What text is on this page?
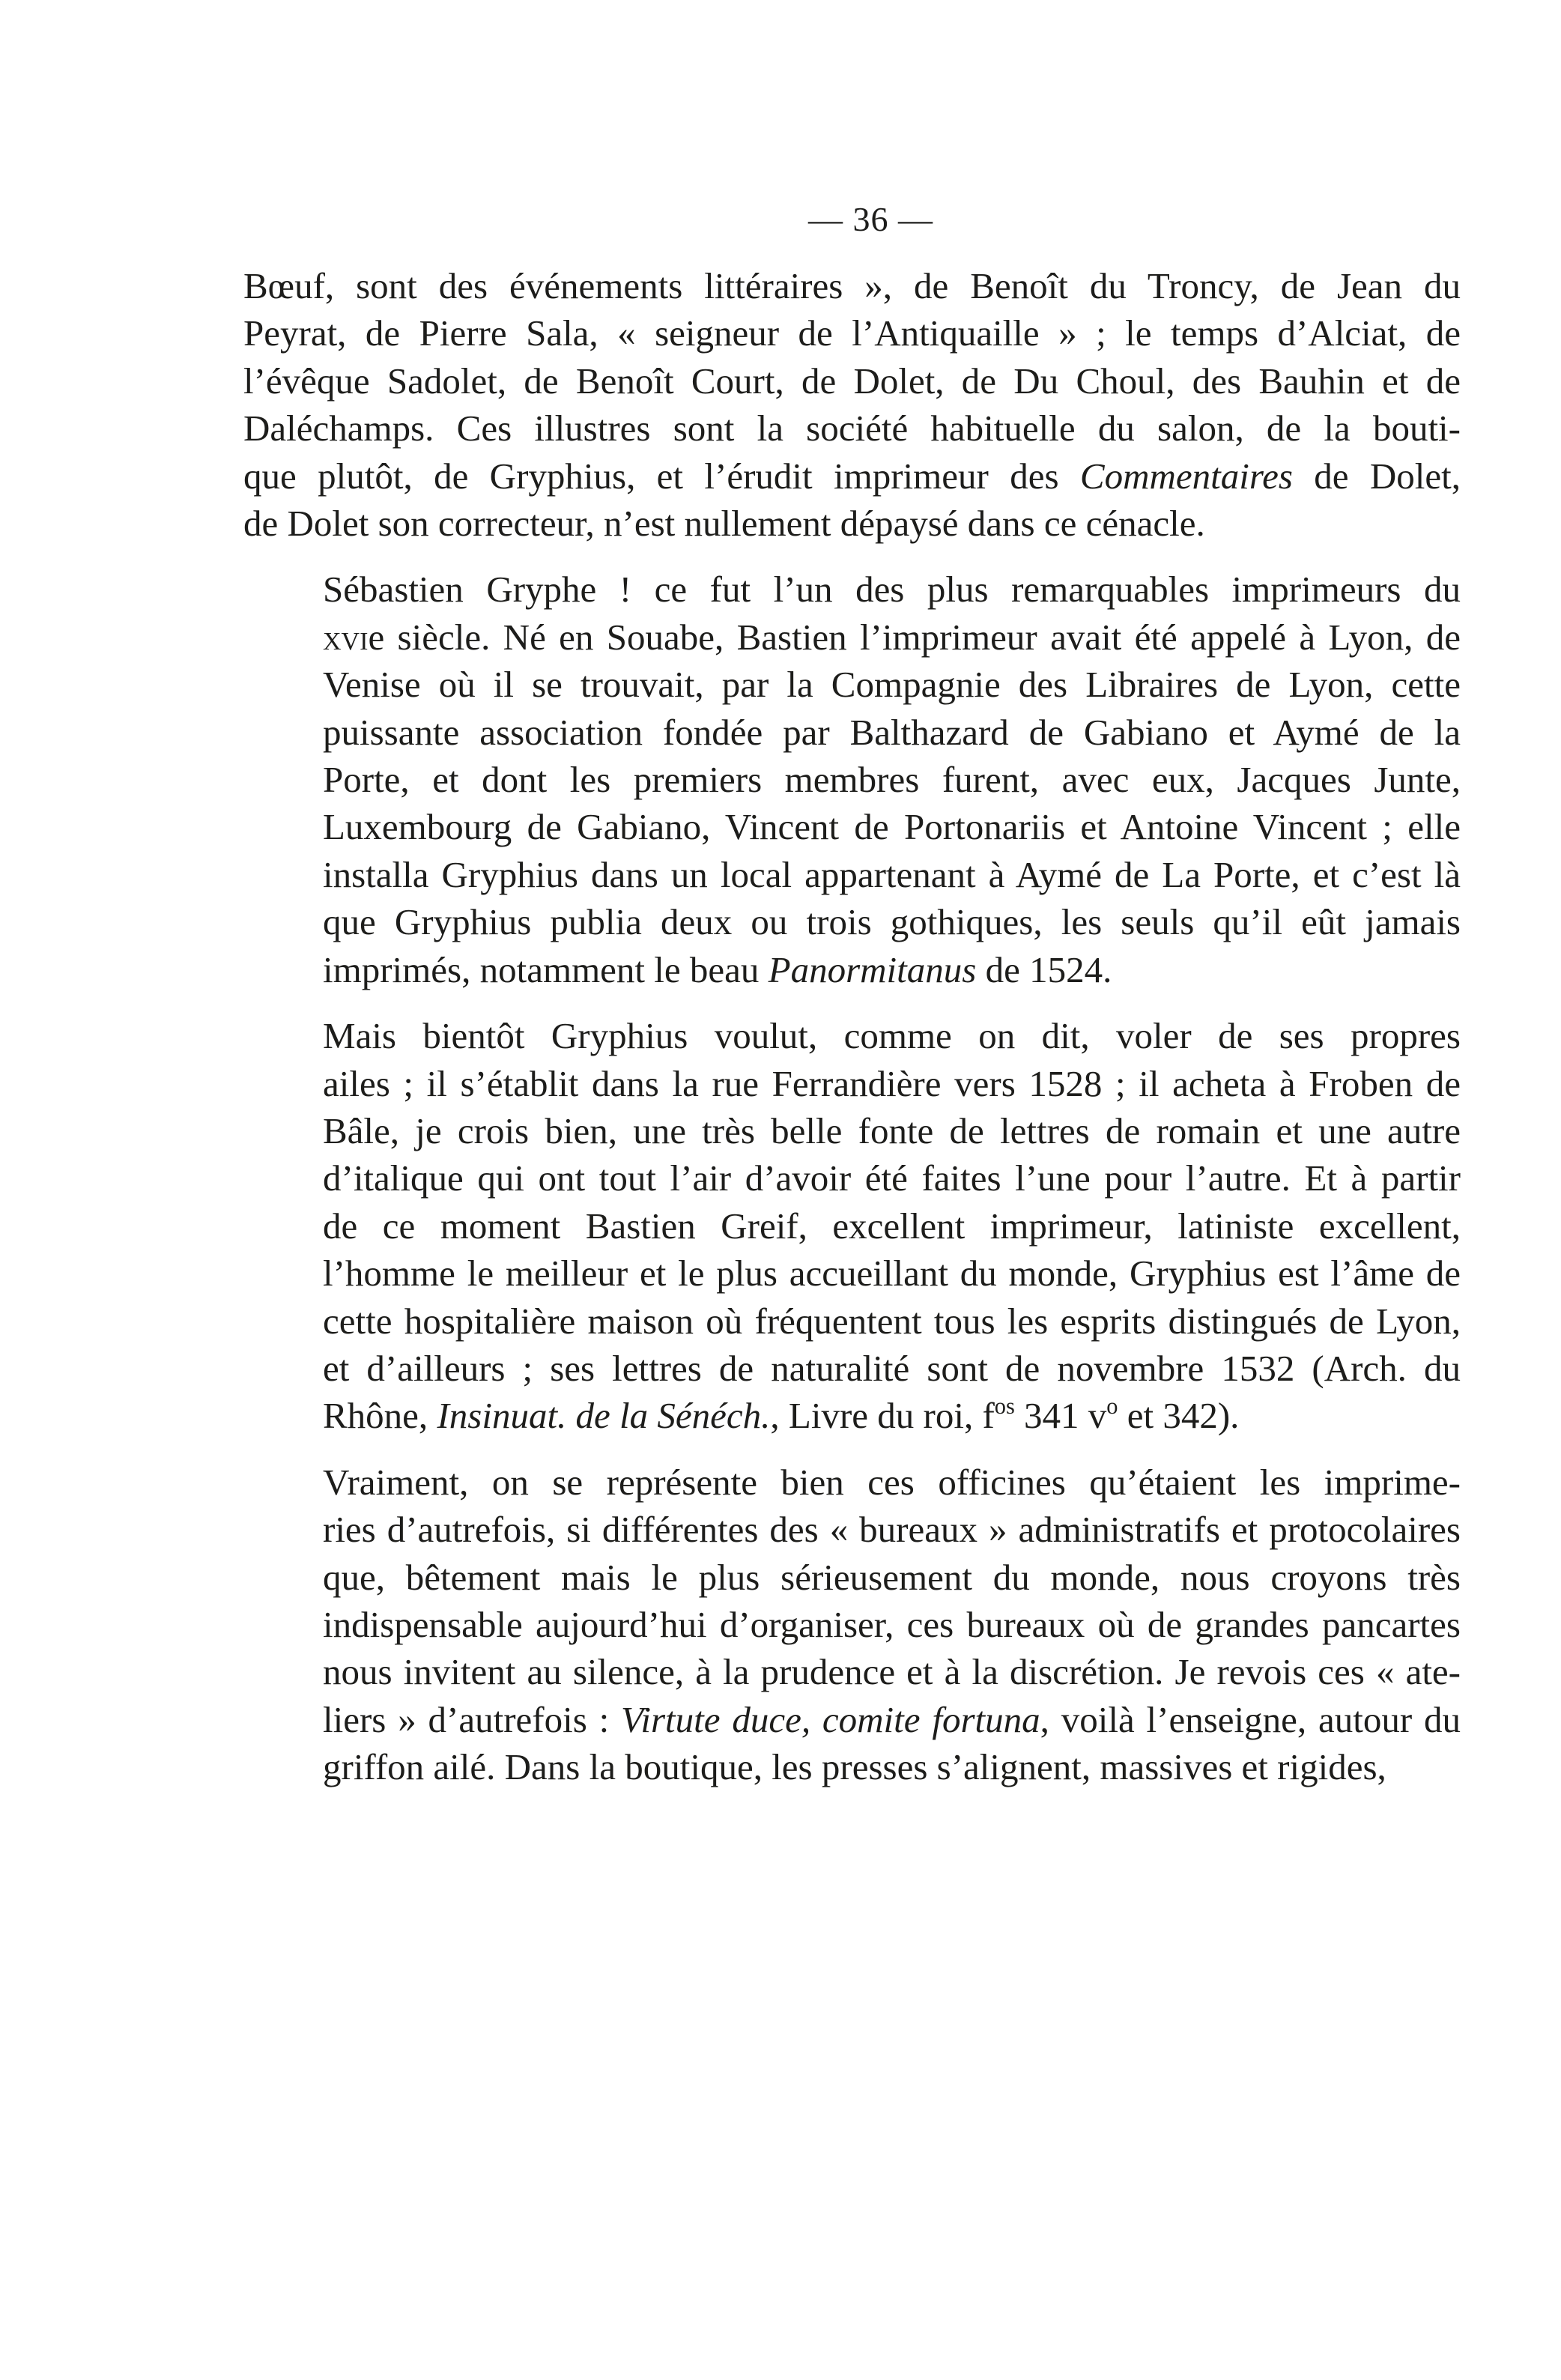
— 36 —

Bœuf, sont des événements littéraires », de Benoît du Troncy, de Jean du
Peyrat, de Pierre Sala, « seigneur de l’Antiquaille » ; le temps d’Alciat, de
l’évêque Sadolet, de Benoît Court, de Dolet, de Du Choul, des Bauhin et de
Daléchamps. Ces illustres sont la société habituelle du salon, de la bouti-
que plutôt, de Gryphius, et l’érudit imprimeur des Commentaires de Dolet,
de Dolet son correcteur, n’est nullement dépaysé dans ce cénacle.

Sébastien Gryphe ! ce fut l’un des plus remarquables imprimeurs du
xvie siècle. Né en Souabe, Bastien l’imprimeur avait été appelé à Lyon, de
Venise où il se trouvait, par la Compagnie des Libraires de Lyon, cette
puissante association fondée par Balthazard de Gabiano et Aymé de la
Porte, et dont les premiers membres furent, avec eux, Jacques Junte,
Luxembourg de Gabiano, Vincent de Portonariis et Antoine Vincent ; elle
installa Gryphius dans un local appartenant à Aymé de La Porte, et c’est là
que Gryphius publia deux ou trois gothiques, les seuls qu’il eût jamais
imprimés, notamment le beau Panormitanus de 1524.

Mais bientôt Gryphius voulut, comme on dit, voler de ses propres
ailes ; il s’établit dans la rue Ferrandière vers 1528 ; il acheta à Froben de
Bâle, je crois bien, une très belle fonte de lettres de romain et une autre
d’italique qui ont tout l’air d’avoir été faites l’une pour l’autre. Et à partir
de ce moment Bastien Greif, excellent imprimeur, latiniste excellent,
l’homme le meilleur et le plus accueillant du monde, Gryphius est l’âme de
cette hospitalière maison où fréquentent tous les esprits distingués de Lyon,
et d’ailleurs ; ses lettres de naturalité sont de novembre 1532 (Arch. du
Rhône, Insinuat. de la Sénéch., Livre du roi, $f^{os}$ 341 $v^o$ et 342).

Vraiment, on se représente bien ces officines qu’étaient les imprime-
ries d’autrefois, si différentes des « bureaux » administratifs et protocolaires
que, bêtement mais le plus sérieusement du monde, nous croyons très
indispensable aujourd’hui d’organiser, ces bureaux où de grandes pancartes
nous invitent au silence, à la prudence et à la discrétion. Je revois ces « ate-
liers » d’autrefois : Virtute duce, comite fortuna, voilà l’enseigne, autour du
griffon ailé. Dans la boutique, les presses s’alignent, massives et rigides,
